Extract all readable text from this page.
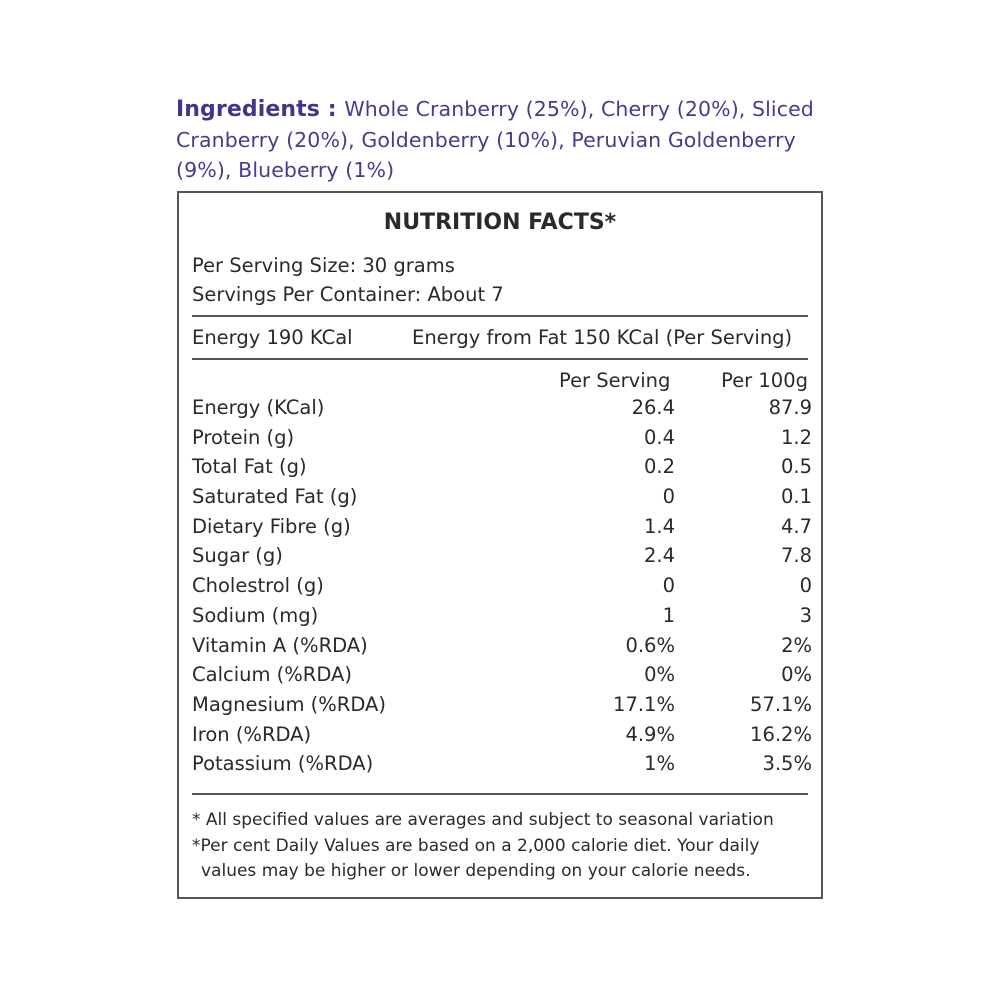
Ingredients : Whole Cranberry (25%), Cherry (20%), Sliced Cranberry (20%), Goldenberry (10%), Peruvian Goldenberry (9%), Blueberry (1%)
NUTRITION FACTS*
Per Serving Size: 30 grams
Servings Per Container: About 7
Energy 190 KCal	Energy from Fat 150 KCal (Per Serving)
Per Serving	Per 100g
Energy (KCal)	26.4	87.9
Protein (g)	0.4	1.2
Total Fat (g)	0.2	0.5
Saturated Fat (g)	0	0.1
Dietary Fibre (g)	1.4	4.7
Sugar (g)	2.4	7.8
Cholestrol (g)	0	0
Sodium (mg)	1	3
Vitamin A (%RDA)	0.6%	2%
Calcium (%RDA)	0%	0%
Magnesium (%RDA)	17.1%	57.1%
Iron (%RDA)	4.9%	16.2%
Potassium (%RDA)	1%	3.5%
* All specified values are averages and subject to seasonal variation
*Per cent Daily Values are based on a 2,000 calorie diet. Your daily
values may be higher or lower depending on your calorie needs.
